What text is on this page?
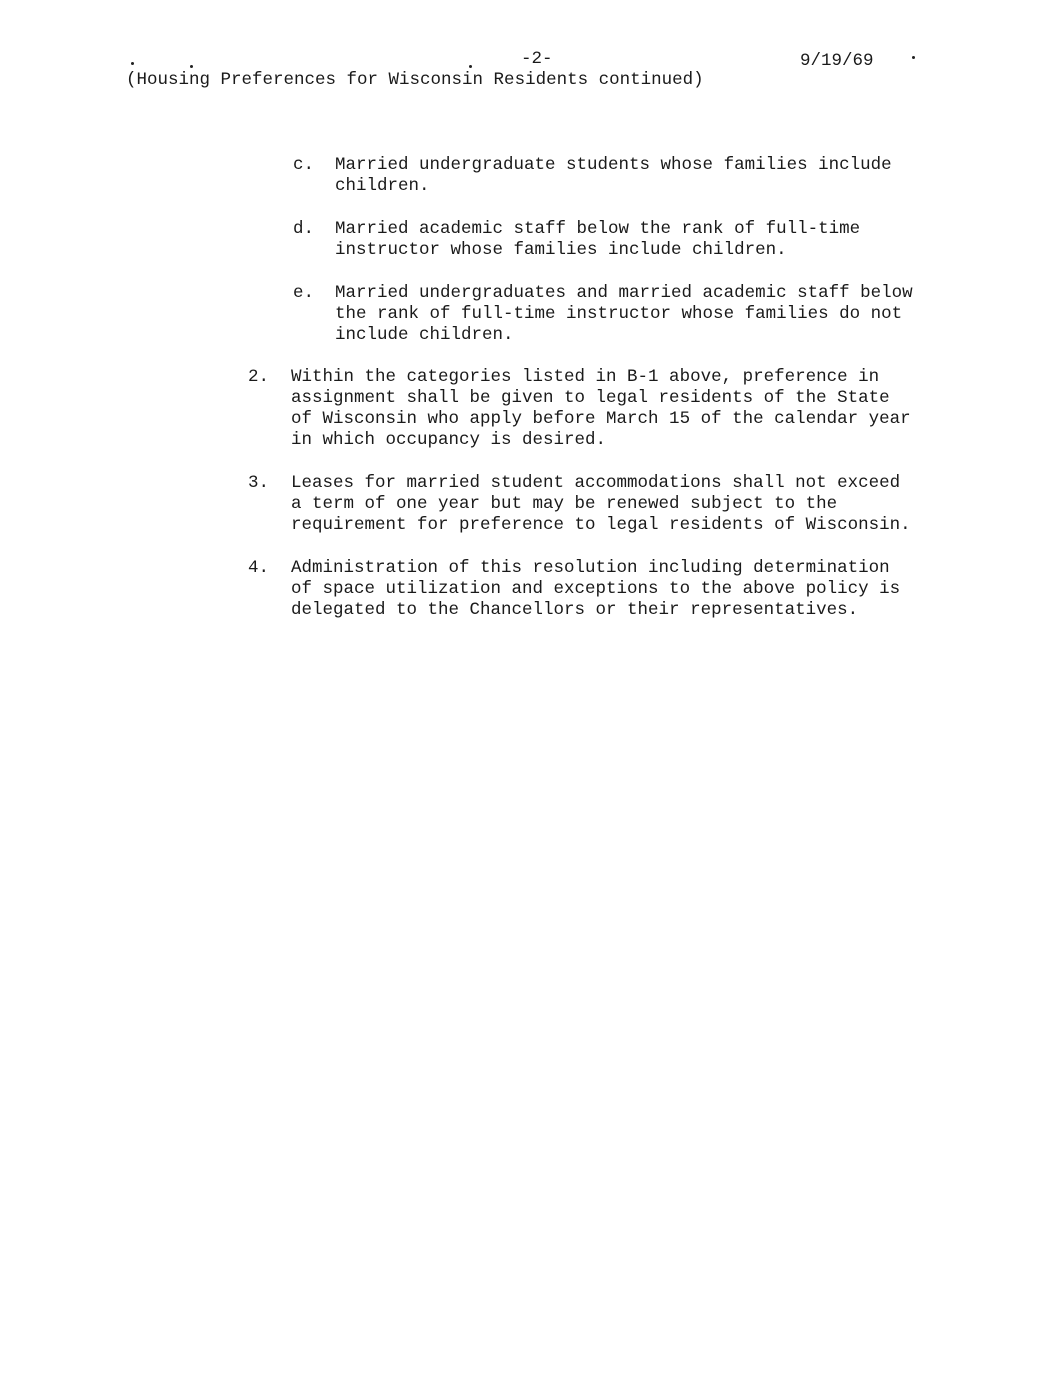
-2-	9/19/69
(Housing Preferences for Wisconsin Residents continued)
c. Married undergraduate students whose families include
children.
d. Married academic staff below the rank of full-time
instructor whose families include children.
e. Married undergraduates and married academic staff below
the rank of full-time instructor whose families do not
include children.
2. Within the categories listed in B-1 above, preference in
assignment shall be given to legal residents of the State
of Wisconsin who apply before March 15 of the calendar year
in which occupancy is desired.
3. Leases for married student accommodations shall not exceed
a term of one year but may be renewed subject to the
requirement for preference to legal residents of Wisconsin.
4. Administration of this resolution including determination
of space utilization and exceptions to the above policy is
delegated to the Chancellors or their representatives.
